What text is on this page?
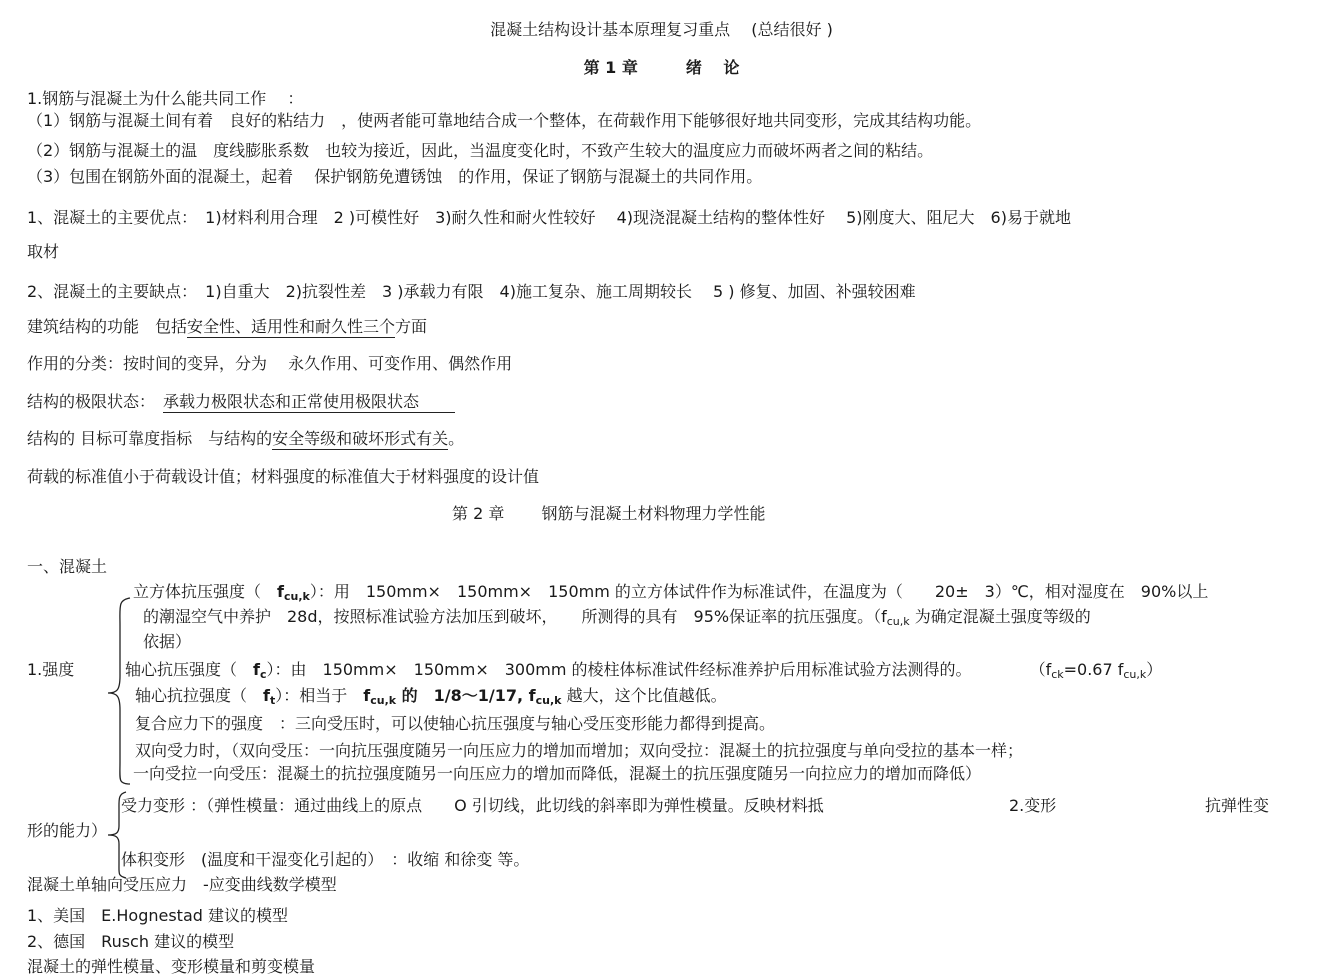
混凝土结构设计基本原理复习重点　 (总结很好 )
第 1 章　　　绪　 论
1.钢筋与混凝土为什么能共同工作　 ：
（1）钢筋与混凝土间有着　良好的粘结力　，使两者能可靠地结合成一个整体，在荷载作用下能够很好地共同变形，完成其结构功能。
（2）钢筋与混凝土的温　度线膨胀系数　也较为接近，因此，当温度变化时，不致产生较大的温度应力而破坏两者之间的粘结。
（3）包围在钢筋外面的混凝土，起着　 保护钢筋免遭锈蚀　的作用，保证了钢筋与混凝土的共同作用。
1、混凝土的主要优点：　1)材料利用合理　2 )可模性好　3)耐久性和耐火性较好　 4)现浇混凝土结构的整体性好　 5)刚度大、阻尼大　6)易于就地
取材
2、混凝土的主要缺点：　1)自重大　2)抗裂性差　3 )承载力有限　4)施工复杂、施工周期较长　 5 ) 修复、加固、补强较困难
建筑结构的功能　包括安全性、适用性和耐久性三个方面
作用的分类：按时间的变异，分为　 永久作用、可变作用、偶然作用
结构的极限状态：　承载力极限状态和正常使用极限状态
结构的 目标可靠度指标　与结构的安全等级和破坏形式有关。
荷载的标准值小于荷载设计值；材料强度的标准值大于材料强度的设计值
第 2 章　　 钢筋与混凝土材料物理力学性能
一、混凝土
立方体抗压强度（　$f_{cu,k}$）：用　150mm×　150mm×　150mm 的立方体试件作为标准试件，在温度为（　　20±　3）℃，相对湿度在　90%以上
的潮湿空气中养护　28d，按照标准试验方法加压到破坏，　　所测得的具有　95%保证率的抗压强度。（$f_{cu,k}$ 为确定混凝土强度等级的
依据）
1.强度	轴心抗压强度（　$f_c$）：由　150mm×　150mm×　300mm 的棱柱体标准试件经标准养护后用标准试验方法测得的。	（$f_{ck}=0.67$ $f_{cu,k}$）
轴心抗拉强度（　$f_t$）：相当于　$f_{cu,k}$ 的　1/8～1/17, $f_{cu,k}$ 越大，这个比值越低。
复合应力下的强度　：三向受压时，可以使轴心抗压强度与轴心受压变形能力都得到提高。
双向受力时，（双向受压：一向抗压强度随另一向压应力的增加而增加；双向受拉：混凝土的抗拉强度与单向受拉的基本一样；
一向受拉一向受压：混凝土的抗拉强度随另一向压应力的增加而降低，混凝土的抗压强度随另一向拉应力的增加而降低）
受力变形 ：（弹性模量：通过曲线上的原点　　O 引切线，此切线的斜率即为弹性模量。反映材料抵	2.变形	抗弹性变
形的能力）
体积变形　(温度和干湿变化引起的）　：收缩 和徐变 等。
混凝土单轴向受压应力　-应变曲线数学模型
1、美国　E.Hognestad 建议的模型
2、德国　Rusch 建议的模型
混凝土的弹性模量、变形模量和剪变模量
